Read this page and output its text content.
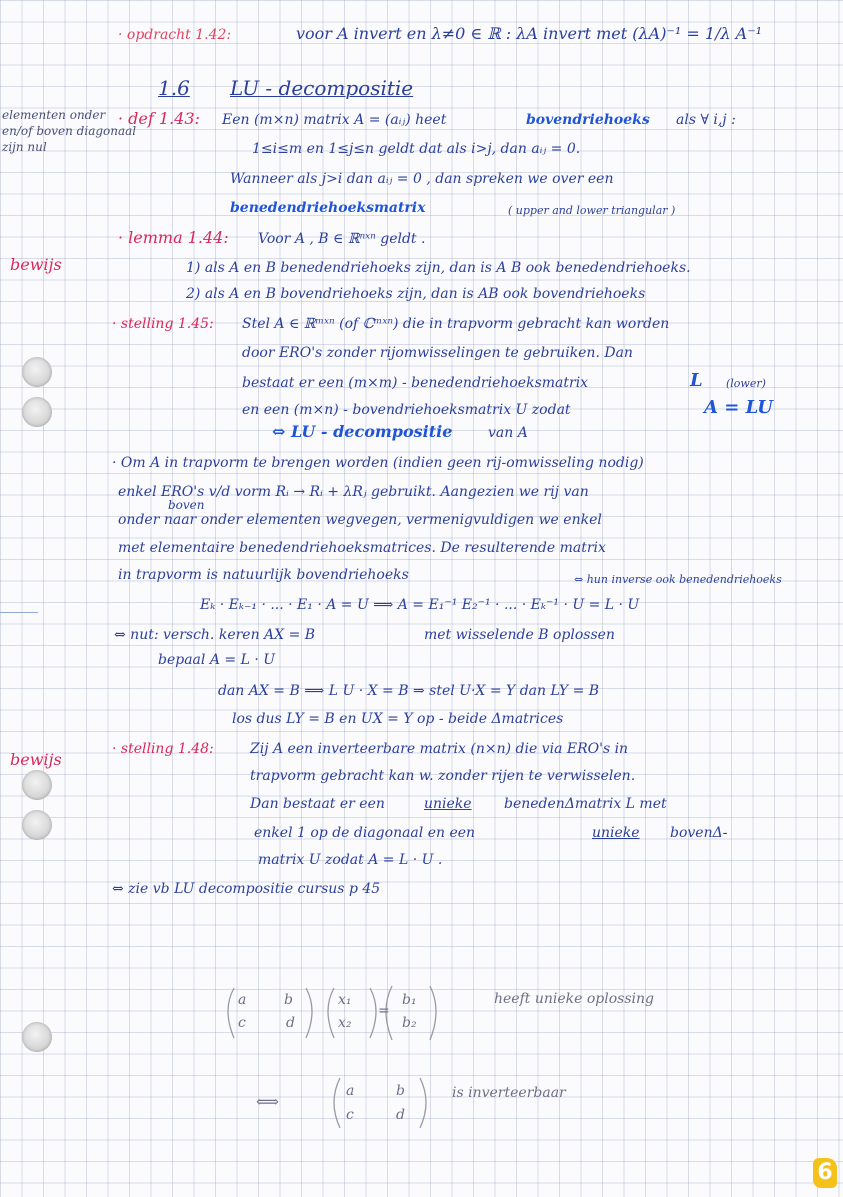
· opdracht 1.42:	voor A invert en λ≠0 ∈ ℝ : λA invert met (λA)⁻¹ = 1/λ A⁻¹
1.6 LU - decompositie
elementen onder
en/of boven diagonaal
zijn nul
bewijs
bewijs
· def 1.43: Een (m×n) matrix A = (aᵢⱼ) heet	bovendriehoeks als ∀ i,j :
1≤i≤m en 1≤j≤n geldt dat als i>j, dan aᵢⱼ = 0.
Wanneer als j>i dan aᵢⱼ = 0 , dan spreken we over een
benedendriehoeksmatrix	( upper and lower triangular )
· lemma 1.44: Voor A , B ∈ ℝⁿˣⁿ geldt .
1) als A en B benedendriehoeks zijn, dan is A B ook benedendriehoeks.
2) als A en B bovendriehoeks zijn, dan is AB ook bovendriehoeks
· stelling 1.45: Stel A ∈ ℝᵐˣⁿ (of ℂᵐˣⁿ) die in trapvorm gebracht kan worden
door ERO's zonder rijomwisselingen te gebruiken. Dan
bestaat er een (m×m) - benedendriehoeksmatrix	L (lower)
en een (m×n) - bovendriehoeksmatrix U zodat	A = LU
⇔ LU - decompositie	van A
· Om A in trapvorm te brengen worden (indien geen rij-omwisseling nodig)
boven
enkel ERO's v/d vorm Rᵢ → Rᵢ + λRⱼ gebruikt. Aangezien we rij van
onder naar onder elementen wegvegen, vermenigvuldigen we enkel
met elementaire benedendriehoeksmatrices. De resulterende matrix
in trapvorm is natuurlijk bovendriehoeks	⇔ hun inverse ook benedendriehoeks
Eₖ · Eₖ₋₁ · ... · E₁ · A = U ⟹ A = E₁⁻¹ E₂⁻¹ · ... · Eₖ⁻¹ · U = L · U
⇔ nut: versch. keren AX = B	met wisselende B oplossen
bepaal A = L · U
dan AX = B ⟹ L U · X = B ⇒ stel U·X = Y dan LY = B
los dus LY = B en UX = Y op - beide Δmatrices
· stelling 1.48:	Zij A een inverteerbare matrix (n×n) die via ERO's in
trapvorm gebracht kan w. zonder rijen te verwisselen.
Dan bestaat er een	unieke benedenΔmatrix L met
enkel 1 op de diagonaal en een	unieke bovenΔ-
matrix U zodat A = L · U .
⇔ zie vb LU decompositie cursus p 45
a	b
c	d
x₁
x₂
=
b₁
b₂
heeft unieke oplossing
⟺
a	b
c	d
is inverteerbaar
6
